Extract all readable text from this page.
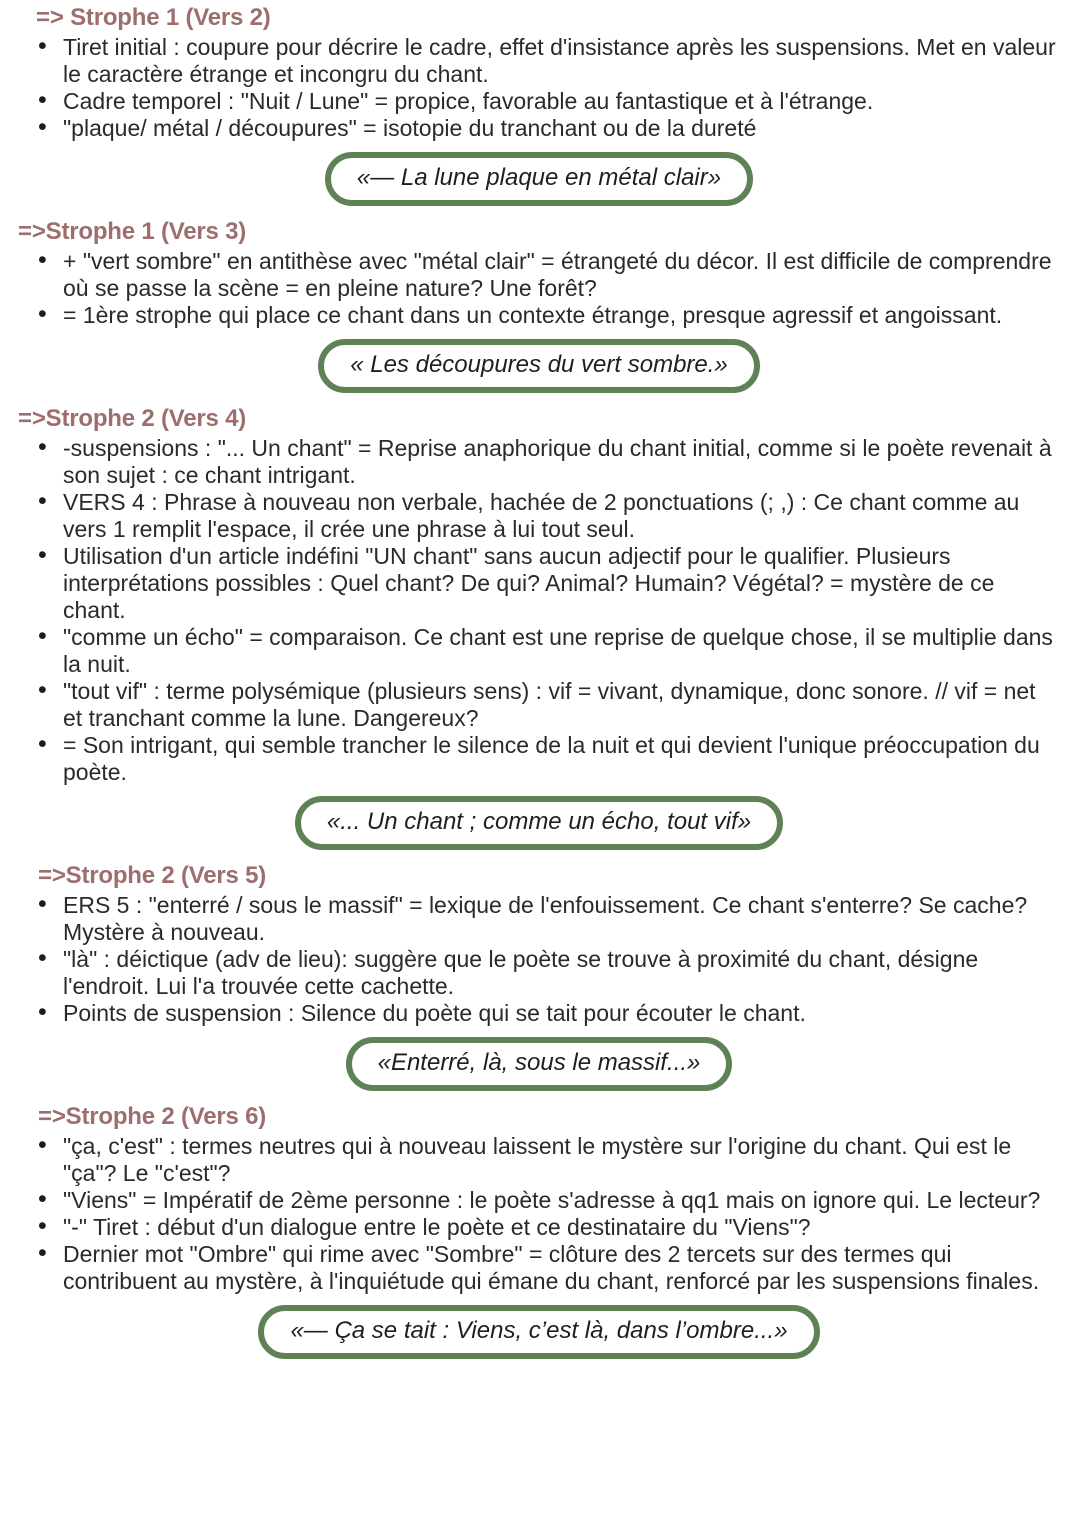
=> Strophe 1 (Vers 2)
• Tiret initial : coupure pour décrire le cadre, effet d'insistance après les suspensions. Met en valeur le caractère étrange et incongru du chant.
• Cadre temporel : "Nuit / Lune" = propice, favorable au fantastique et à l'étrange.
• "plaque/ métal / découpures" = isotopie du tranchant ou de la dureté
«— La lune plaque en métal clair»
=>Strophe 1 (Vers 3)
• + "vert sombre" en antithèse avec "métal clair" = étrangeté du décor. Il est difficile de comprendre où se passe la scène = en pleine nature? Une forêt?
• = 1ère strophe qui place ce chant dans un contexte étrange, presque agressif et angoissant.
« Les découpures du vert sombre.»
=>Strophe 2 (Vers 4)
• -suspensions : "... Un chant" = Reprise anaphorique du chant initial, comme si le poète revenait à son sujet : ce chant intrigant.
• VERS 4 : Phrase à nouveau non verbale, hachée de 2 ponctuations (; ,) : Ce chant comme au vers 1 remplit l'espace, il crée une phrase à lui tout seul.
• Utilisation d'un article indéfini "UN chant" sans aucun adjectif pour le qualifier. Plusieurs interprétations possibles : Quel chant? De qui? Animal? Humain? Végétal? = mystère de ce chant.
• "comme un écho" = comparaison. Ce chant est une reprise de quelque chose, il se multiplie dans la nuit.
• "tout vif" : terme polysémique (plusieurs sens) : vif = vivant, dynamique, donc sonore. // vif = net et tranchant comme la lune. Dangereux?
• = Son intrigant, qui semble trancher le silence de la nuit et qui devient l'unique préoccupation du poète.
«... Un chant ; comme un écho, tout vif»
=>Strophe 2 (Vers 5)
• ERS 5 : "enterré / sous le massif" = lexique de l'enfouissement. Ce chant s'enterre? Se cache? Mystère à nouveau.
• "là" : déictique (adv de lieu): suggère que le poète se trouve à proximité du chant, désigne l'endroit. Lui l'a trouvée cette cachette.
• Points de suspension : Silence du poète qui se tait pour écouter le chant.
«Enterré, là, sous le massif...»
=>Strophe 2 (Vers 6)
• "ça, c'est" : termes neutres qui à nouveau laissent le mystère sur l'origine du chant. Qui est le "ça"? Le "c'est"?
• "Viens" = Impératif de 2ème personne : le poète s'adresse à qq1 mais on ignore qui. Le lecteur?
• "-" Tiret : début d'un dialogue entre le poète et ce destinataire du "Viens"?
• Dernier mot "Ombre" qui rime avec "Sombre" = clôture des 2 tercets sur des termes qui contribuent au mystère, à l'inquiétude qui émane du chant, renforcé par les suspensions finales.
«— Ça se tait : Viens, c’est là, dans l’ombre...»
